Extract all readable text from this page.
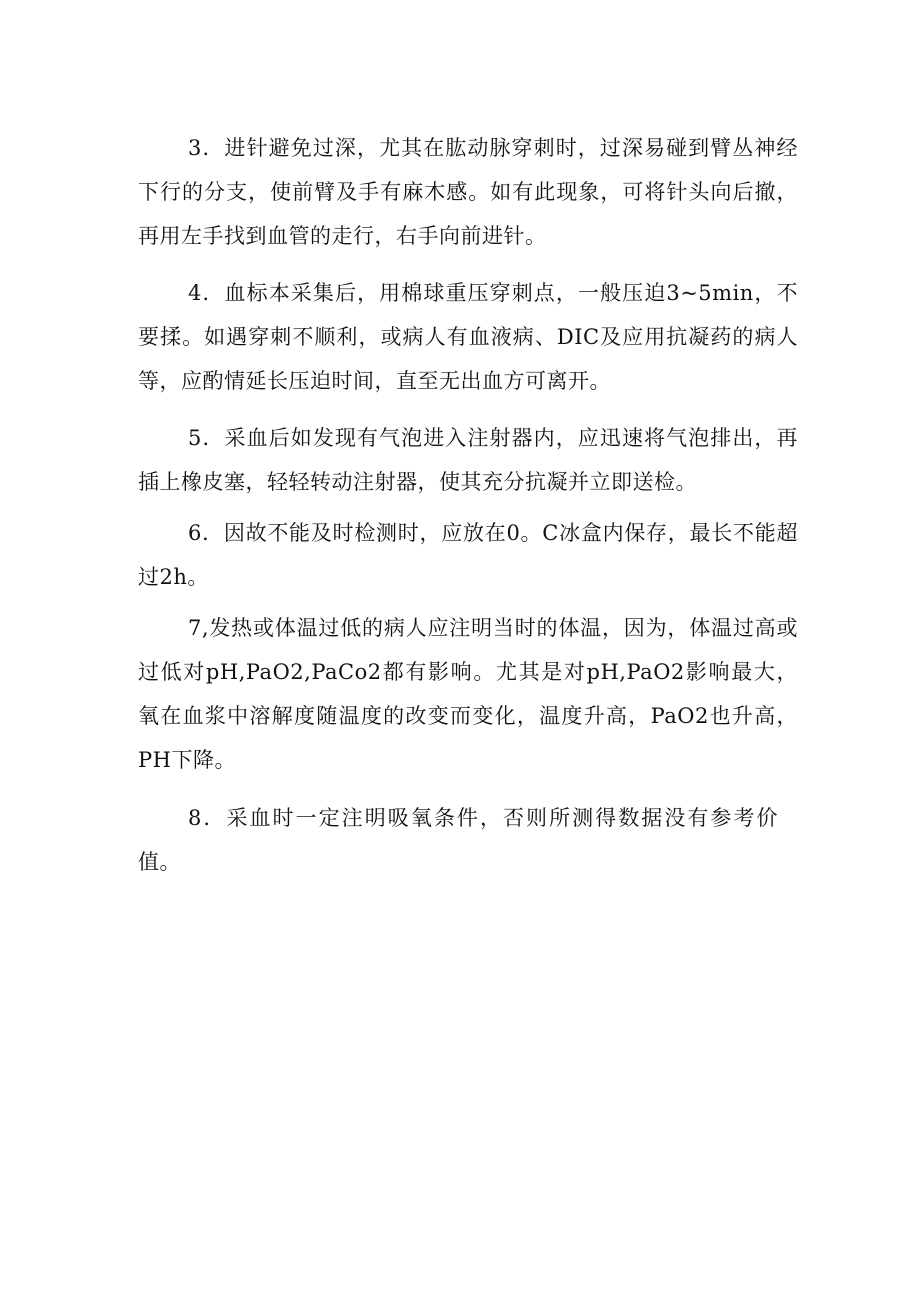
3．进针避免过深，尤其在肱动脉穿刺时，过深易碰到臂丛神经下行的分支，使前臂及手有麻木感。如有此现象，可将针头向后撤，再用左手找到血管的走行，右手向前进针。

4．血标本采集后，用棉球重压穿刺点，一般压迫3~5min，不要揉。如遇穿刺不顺利，或病人有血液病、DIC及应用抗凝药的病人等，应酌情延长压迫时间，直至无出血方可离开。

5．采血后如发现有气泡进入注射器内，应迅速将气泡排出，再插上橡皮塞，轻轻转动注射器，使其充分抗凝并立即送检。

6．因故不能及时检测时，应放在0。C冰盒内保存，最长不能超过2h。

7,发热或体温过低的病人应注明当时的体温，因为，体温过高或过低对pH,PaO2,PaCo2都有影响。尤其是对pH,PaO2影响最大，氧在血浆中溶解度随温度的改变而变化，温度升高，PaO2也升高，PH下降。

8．采血时一定注明吸氧条件，否则所测得数据没有参考价值。
